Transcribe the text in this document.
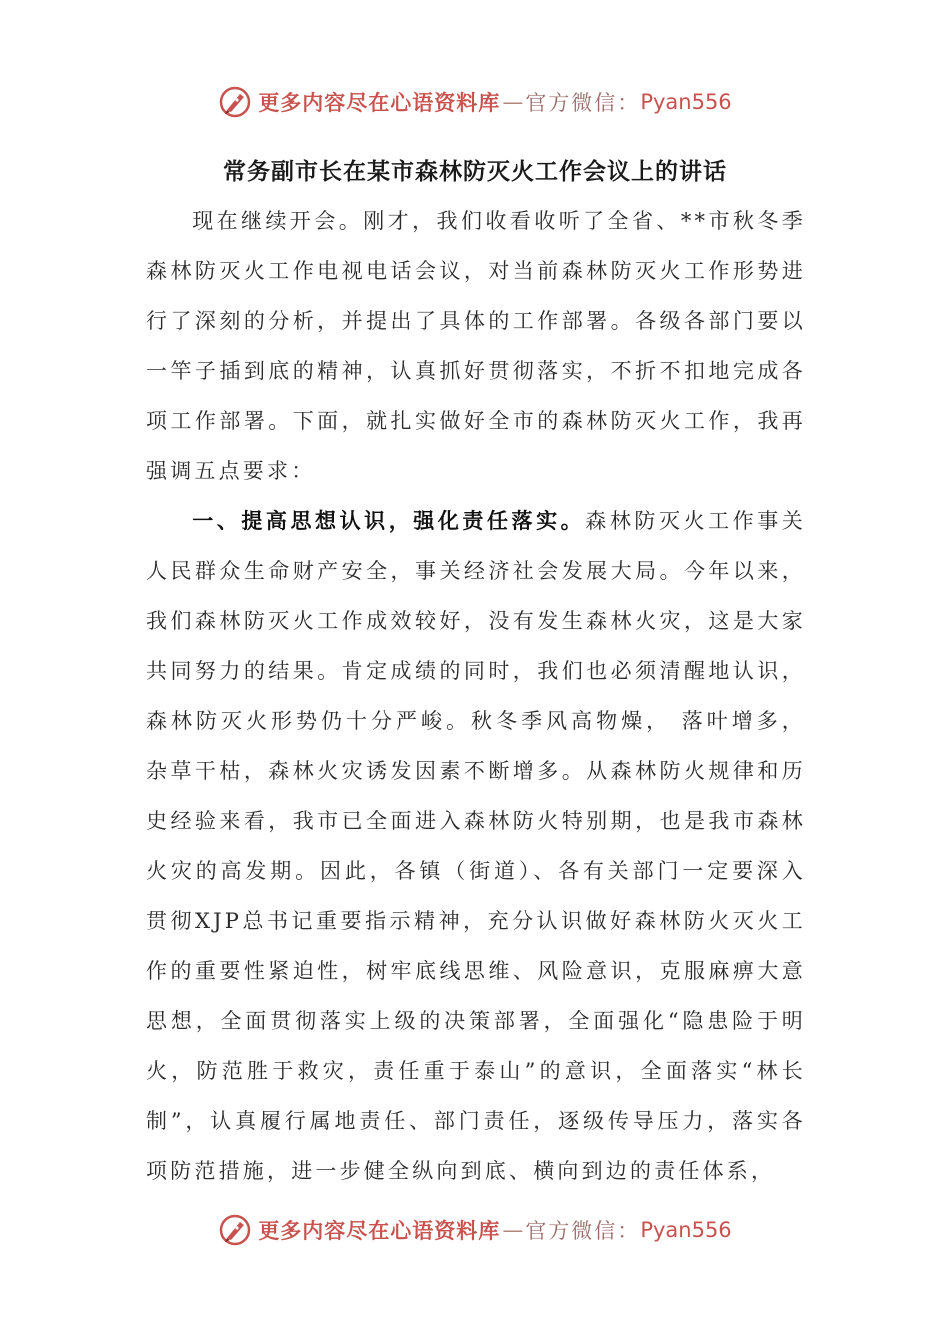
更多内容尽在心语资料库 — 官方微信： Pyan556
常务副市长在某市森林防灭火工作会议上的讲话

现在继续开会。刚才，我们收看收听了全省、**市秋冬季森林防灭火工作电视电话会议，对当前森林防灭火工作形势进行了深刻的分析，并提出了具体的工作部署。各级各部门要以一竿子插到底的精神，认真抓好贯彻落实，不折不扣地完成各项工作部署。下面，就扎实做好全市的森林防灭火工作，我再强调五点要求：

一、提高思想认识，强化责任落实。森林防灭火工作事关人民群众生命财产安全，事关经济社会发展大局。今年以来，我们森林防灭火工作成效较好，没有发生森林火灾，这是大家共同努力的结果。肯定成绩的同时，我们也必须清醒地认识，森林防灭火形势仍十分严峻。秋冬季风高物燥， 落叶增多，杂草干枯，森林火灾诱发因素不断增多。从森林防火规律和历史经验来看，我市已全面进入森林防火特别期，也是我市森林火灾的高发期。因此，各镇（街道）、各有关部门一定要深入贯彻XJP总书记重要指示精神，充分认识做好森林防火灭火工作的重要性紧迫性，树牢底线思维、风险意识，克服麻痹大意思想，全面贯彻落实上级的决策部署，全面强化“隐患险于明火，防范胜于救灾，责任重于泰山”的意识，全面落实“林长制”，认真履行属地责任、部门责任，逐级传导压力，落实各项防范措施，进一步健全纵向到底、横向到边的责任体系，

更多内容尽在心语资料库 — 官方微信： Pyan556
